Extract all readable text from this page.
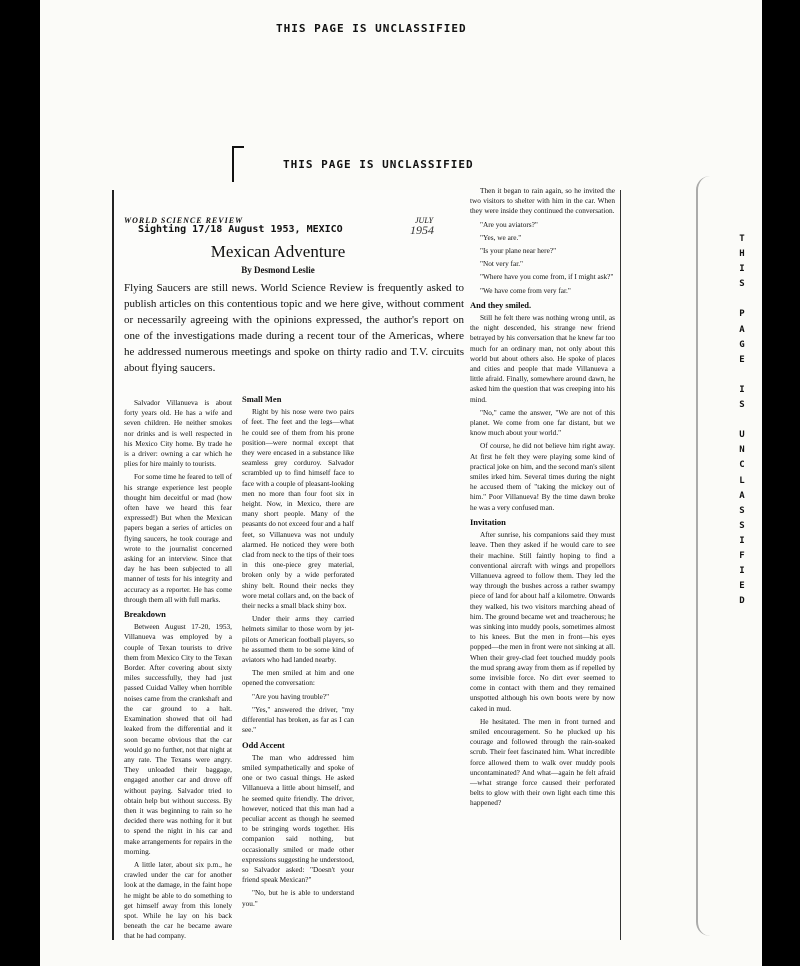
THIS PAGE IS UNCLASSIFIED
THIS PAGE IS UNCLASSIFIED
T
H
I
S

P
A
G
E

I
S

U
N
C
L
A
S
S
I
F
I
E
D
WORLD SCIENCE REVIEW	JULY
Sighting 17/18 August 1953, MEXICO	1954
Mexican Adventure
By Desmond Leslie

Flying Saucers are still news. World Science Review is frequently asked to publish articles on this contentious topic and we here give, without comment or necessarily agreeing with the opinions expressed, the author's report on one of the investigations made during a recent tour of the Americas, where he addressed numerous meetings and spoke on thirty radio and T.V. circuits about flying saucers.

Salvador Villanueva is about forty years old. He has a wife and seven children. He neither smokes nor drinks and is well respected in his Mexico City home. By trade he is a driver: owning a car which he plies for hire mainly to tourists.

For some time he feared to tell of his strange experience lest people thought him deceitful or mad (how often have we heard this fear expressed!) But when the Mexican papers began a series of articles on flying saucers, he took courage and wrote to the journalist concerned asking for an interview. Since that day he has been subjected to all manner of tests for his integrity and accuracy as a reporter. He has come through them all with full marks.

Breakdown

Between August 17-20, 1953, Villanueva was employed by a couple of Texan tourists to drive them from Mexico City to the Texan Border. After covering about sixty miles successfully, they had just passed Cuidad Valley when horrible noises came from the crankshaft and the car ground to a halt. Examination showed that oil had leaked from the differential and it soon became obvious that the car would go no further, not that night at any rate. The Texans were angry. They unloaded their baggage, engaged another car and drove off without paying. Salvador tried to obtain help but without success. By then it was beginning to rain so he decided there was nothing for it but to spend the night in his car and make arrangements for repairs in the morning.

A little later, about six p.m., he crawled under the car for another look at the damage, in the faint hope he might be able to do something to get himself away from this lonely spot. While he lay on his back beneath the car he became aware that he had company.

Small Men

Right by his nose were two pairs of feet. The feet and the legs—what he could see of them from his prone position—were normal except that they were encased in a substance like seamless grey corduroy. Salvador scrambled up to find himself face to face with a couple of pleasant-looking men no more than four foot six in height. Now, in Mexico, there are many short people. Many of the peasants do not exceed four and a half feet, so Villanueva was not unduly alarmed. He noticed they were both clad from neck to the tips of their toes in this one-piece grey material, broken only by a wide perforated shiny belt. Round their necks they wore metal collars and, on the back of their necks a small black shiny box.

Under their arms they carried helmets similar to those worn by jet-pilots or American football players, so he assumed them to be some kind of aviators who had landed nearby.

The men smiled at him and one opened the conversation:

"Are you having trouble?"

"Yes," answered the driver, "my differential has broken, as far as I can see."

Odd Accent

The man who addressed him smiled sympathetically and spoke of one or two casual things. He asked Villanueva a little about himself, and he seemed quite friendly. The driver, however, noticed that this man had a peculiar accent as though he seemed to be stringing words together. His companion said nothing, but occasionally smiled or made other expressions suggesting he understood, so Salvador asked: "Doesn't your friend speak Mexican?"

"No, but he is able to understand you."

Then it began to rain again, so he invited the two visitors to shelter with him in the car. When they were inside they continued the conversation.

"Are you aviators?"

"Yes, we are."

"Is your plane near here?"

"Not very far."

"Where have you come from, if I might ask?"

"We have come from very far."

And they smiled.

Still he felt there was nothing wrong until, as the night descended, his strange new friend betrayed by his conversation that he knew far too much for an ordinary man, not only about this world but about others also. He spoke of places and cities and people that made Villanueva a little afraid. Finally, somewhere around dawn, he asked him the question that was creeping into his mind.

"No," came the answer, "We are not of this planet. We come from one far distant, but we know much about your world."

Of course, he did not believe him right away. At first he felt they were playing some kind of practical joke on him, and the second man's silent smiles irked him. Several times during the night he accused them of "taking the mickey out of him." Poor Villanueva! By the time dawn broke he was a very confused man.

Invitation

After sunrise, his companions said they must leave. Then they asked if he would care to see their machine. Still faintly hoping to find a conventional aircraft with wings and propellors Villanueva agreed to follow them. They led the way through the bushes across a rather swampy piece of land for about half a kilometre. Onwards they walked, his two visitors marching ahead of him. The ground became wet and treacherous; he was sinking into muddy pools, sometimes almost to his knees. But the men in front—his eyes popped—the men in front were not sinking at all. When their grey-clad feet touched muddy pools the mud sprang away from them as if repelled by some invisible force. No dirt ever seemed to come in contact with them and they remained unspotted although his own boots were by now caked in mud.

He hesitated. The men in front turned and smiled encouragement. So he plucked up his courage and followed through the rain-soaked scrub. Their feet fascinated him. What incredible force allowed them to walk over muddy pools uncontaminated? And what—again he felt afraid—what strange force caused their perforated belts to glow with their own light each time this happened?
